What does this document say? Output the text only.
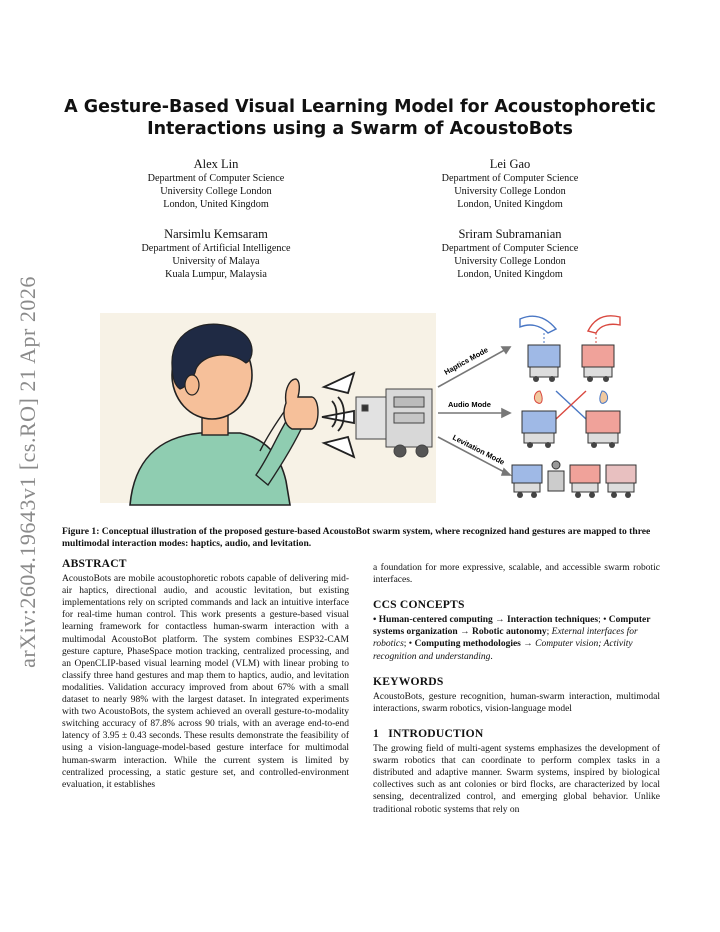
arXiv:2604.19643v1 [cs.RO] 21 Apr 2026
A Gesture-Based Visual Learning Model for Acoustophoretic
Interactions using a Swarm of AcoustoBots
Alex Lin
Department of Computer Science
University College London
London, United Kingdom
Lei Gao
Department of Computer Science
University College London
London, United Kingdom
Narsimlu Kemsaram
Department of Artificial Intelligence
University of Malaya
Kuala Lumpur, Malaysia
Sriram Subramanian
Department of Computer Science
University College London
London, United Kingdom
Haptics Mode
Audio Mode
Levitation Mode
Figure 1: Conceptual illustration of the proposed gesture-based AcoustoBot swarm system, where recognized hand gestures are mapped to three multimodal interaction modes: haptics, audio, and levitation.
ABSTRACT

AcoustoBots are mobile acoustophoretic robots capable of delivering mid-air haptics, directional audio, and acoustic levitation, but existing implementations rely on scripted commands and lack an intuitive interface for real-time human control. This work presents a gesture-based visual learning framework for contactless human-swarm interaction with a multimodal AcoustoBot platform. The system combines ESP32-CAM gesture capture, PhaseSpace motion tracking, centralized processing, and an OpenCLIP-based visual learning model (VLM) with linear probing to classify three hand gestures and map them to haptics, audio, and levitation modalities. Validation accuracy improved from about 67% with a small dataset to nearly 98% with the largest dataset. In integrated experiments with two AcoustoBots, the system achieved an overall gesture-to-modality switching accuracy of 87.8% across 90 trials, with an average end-to-end latency of 3.95 ± 0.43 seconds. These results demonstrate the feasibility of using a vision-language-model-based gesture interface for multimodal human-swarm interaction. While the current system is limited by centralized processing, a static gesture set, and controlled-environment evaluation, it establishes

a foundation for more expressive, scalable, and accessible swarm robotic interfaces.

CCS CONCEPTS

• Human-centered computing → Interaction techniques; • Computer systems organization → Robotic autonomy; External interfaces for robotics; • Computing methodologies → Computer vision; Activity recognition and understanding.

KEYWORDS

AcoustoBots, gesture recognition, human-swarm interaction, multimodal interactions, swarm robotics, vision-language model

1   INTRODUCTION

The growing field of multi-agent systems emphasizes the development of swarm robotics that can coordinate to perform complex tasks in a distributed and adaptive manner. Swarm systems, inspired by biological collectives such as ant colonies or bird flocks, are characterized by local sensing, decentralized control, and emerging global behavior. Unlike traditional robotic systems that rely on
